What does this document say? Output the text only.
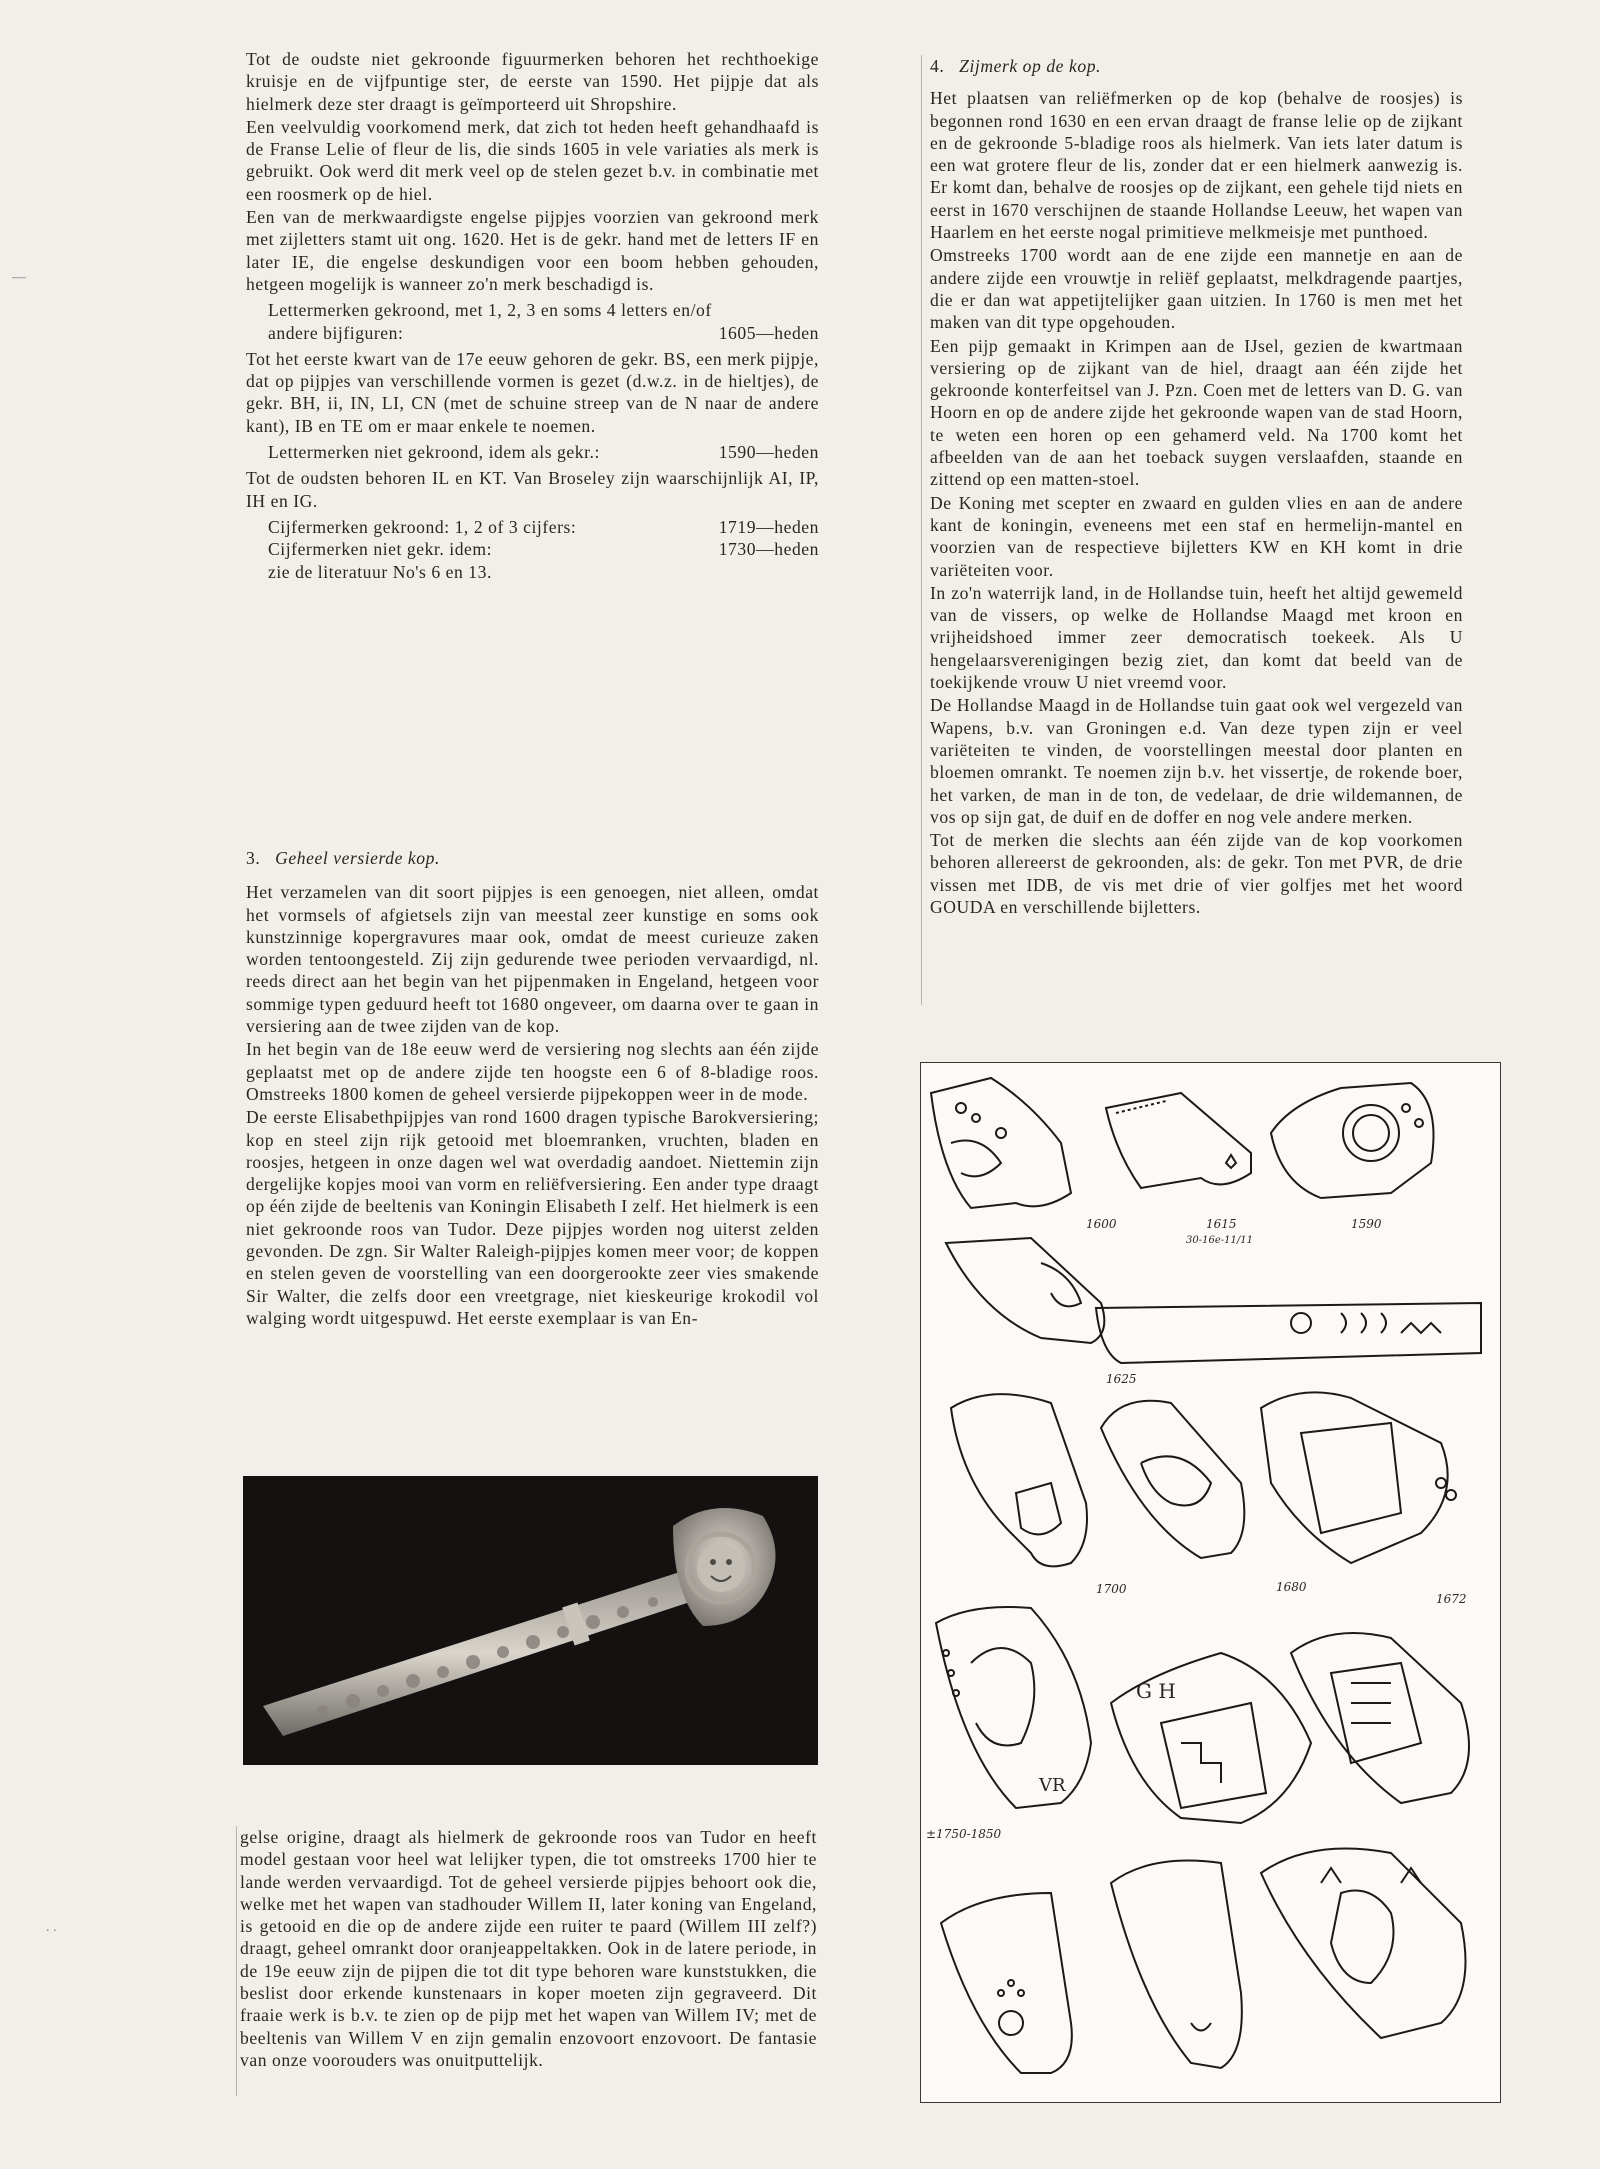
Tot de oudste niet gekroonde figuurmerken behoren het rechthoekige kruisje en de vijfpuntige ster, de eerste van 1590. Het pijpje dat als hielmerk deze ster draagt is geïmporteerd uit Shropshire.

Een veelvuldig voorkomend merk, dat zich tot heden heeft gehandhaafd is de Franse Lelie of fleur de lis, die sinds 1605 in vele variaties als merk is gebruikt. Ook werd dit merk veel op de stelen gezet b.v. in combinatie met een roosmerk op de hiel.

Een van de merkwaardigste engelse pijpjes voorzien van gekroond merk met zijletters stamt uit ong. 1620. Het is de gekr. hand met de letters IF en later IE, die engelse deskundigen voor een boom hebben gehouden, hetgeen mogelijk is wanneer zo'n merk beschadigd is.

Lettermerken gekroond, met 1, 2, 3 en soms 4 letters en/of andere bijfiguren:	1605—heden

Tot het eerste kwart van de 17e eeuw gehoren de gekr. BS, een merk pijpje, dat op pijpjes van verschillende vormen is gezet (d.w.z. in de hieltjes), de gekr. BH, ii, IN, LI, CN (met de schuine streep van de N naar de andere kant), IB en TE om er maar enkele te noemen.

Lettermerken niet gekroond, idem als gekr.:	1590—heden

Tot de oudsten behoren IL en KT. Van Broseley zijn waarschijnlijk AI, IP, IH en IG.

Cijfermerken gekroond: 1, 2 of 3 cijfers:	1719—heden
Cijfermerken niet gekr. idem:	1730—heden
zie de literatuur No's 6 en 13.

3. Geheel versierde kop.

Het verzamelen van dit soort pijpjes is een genoegen, niet alleen, omdat het vormsels of afgietsels zijn van meestal zeer kunstige en soms ook kunstzinnige kopergravures maar ook, omdat de meest curieuze zaken worden tentoongesteld. Zij zijn gedurende twee perioden vervaardigd, nl. reeds direct aan het begin van het pijpenmaken in Engeland, hetgeen voor sommige typen geduurd heeft tot 1680 ongeveer, om daarna over te gaan in versiering aan de twee zijden van de kop.

In het begin van de 18e eeuw werd de versiering nog slechts aan één zijde geplaatst met op de andere zijde ten hoogste een 6 of 8-bladige roos. Omstreeks 1800 komen de geheel versierde pijpekoppen weer in de mode.

De eerste Elisabethpijpjes van rond 1600 dragen typische Barokversiering; kop en steel zijn rijk getooid met bloemranken, vruchten, bladen en roosjes, hetgeen in onze dagen wel wat overdadig aandoet. Niettemin zijn dergelijke kopjes mooi van vorm en reliëfversiering. Een ander type draagt op één zijde de beeltenis van Koningin Elisabeth I zelf. Het hielmerk is een niet gekroonde roos van Tudor. Deze pijpjes worden nog uiterst zelden gevonden. De zgn. Sir Walter Raleigh-pijpjes komen meer voor; de koppen en stelen geven de voorstelling van een doorgerookte zeer vies smakende Sir Walter, die zelfs door een vreetgrage, niet kieskeurige krokodil vol walging wordt uitgespuwd. Het eerste exemplaar is van En-

gelse origine, draagt als hielmerk de gekroonde roos van Tudor en heeft model gestaan voor heel wat lelijker typen, die tot omstreeks 1700 hier te lande werden vervaardigd. Tot de geheel versierde pijpjes behoort ook die, welke met het wapen van stadhouder Willem II, later koning van Engeland, is getooid en die op de andere zijde een ruiter te paard (Willem III zelf?) draagt, geheel omrankt door oranjeappeltakken. Ook in de latere periode, in de 19e eeuw zijn de pijpen die tot dit type behoren ware kunststukken, die beslist door erkende kunstenaars in koper moeten zijn gegraveerd. Dit fraaie werk is b.v. te zien op de pijp met het wapen van Willem IV; met de beeltenis van Willem V en zijn gemalin enzovoort enzovoort. De fantasie van onze voorouders was onuitputtelijk.

4. Zijmerk op de kop.

Het plaatsen van reliëfmerken op de kop (behalve de roosjes) is begonnen rond 1630 en een ervan draagt de franse lelie op de zijkant en de gekroonde 5-bladige roos als hielmerk. Van iets later datum is een wat grotere fleur de lis, zonder dat er een hielmerk aanwezig is. Er komt dan, behalve de roosjes op de zijkant, een gehele tijd niets en eerst in 1670 verschijnen de staande Hollandse Leeuw, het wapen van Haarlem en het eerste nogal primitieve melkmeisje met punthoed.

Omstreeks 1700 wordt aan de ene zijde een mannetje en aan de andere zijde een vrouwtje in reliëf geplaatst, melkdragende paartjes, die er dan wat appetijtelijker gaan uitzien. In 1760 is men met het maken van dit type opgehouden.

Een pijp gemaakt in Krimpen aan de IJsel, gezien de kwartmaan versiering op de zijkant van de hiel, draagt aan één zijde het gekroonde konterfeitsel van J. Pzn. Coen met de letters van D. G. van Hoorn en op de andere zijde het gekroonde wapen van de stad Hoorn, te weten een horen op een gehamerd veld. Na 1700 komt het afbeelden van de aan het toeback suygen verslaafden, staande en zittend op een matten-stoel.

De Koning met scepter en zwaard en gulden vlies en aan de andere kant de koningin, eveneens met een staf en hermelijn-mantel en voorzien van de respectieve bijletters KW en KH komt in drie variëteiten voor.

In zo'n waterrijk land, in de Hollandse tuin, heeft het altijd gewemeld van de vissers, op welke de Hollandse Maagd met kroon en vrijheidshoed immer zeer democratisch toekeek. Als U hengelaarsverenigingen bezig ziet, dan komt dat beeld van de toekijkende vrouw U niet vreemd voor.

De Hollandse Maagd in de Hollandse tuin gaat ook wel vergezeld van Wapens, b.v. van Groningen e.d. Van deze typen zijn er veel variëteiten te vinden, de voorstellingen meestal door planten en bloemen omrankt. Te noemen zijn b.v. het vissertje, de rokende boer, het varken, de man in de ton, de vedelaar, de drie wildemannen, de vos op sijn gat, de duif en de doffer en nog vele andere merken.

Tot de merken die slechts aan één zijde van de kop voorkomen behoren allereerst de gekroonden, als: de gekr. Ton met PVR, de drie vissen met IDB, de vis met drie of vier golfjes met het woord GOUDA en verschillende bijletters.

1600	1615
30-16e-11/11
1590
1625
1700	1680
1672
VR
G H
±1750-1850
—
. .
